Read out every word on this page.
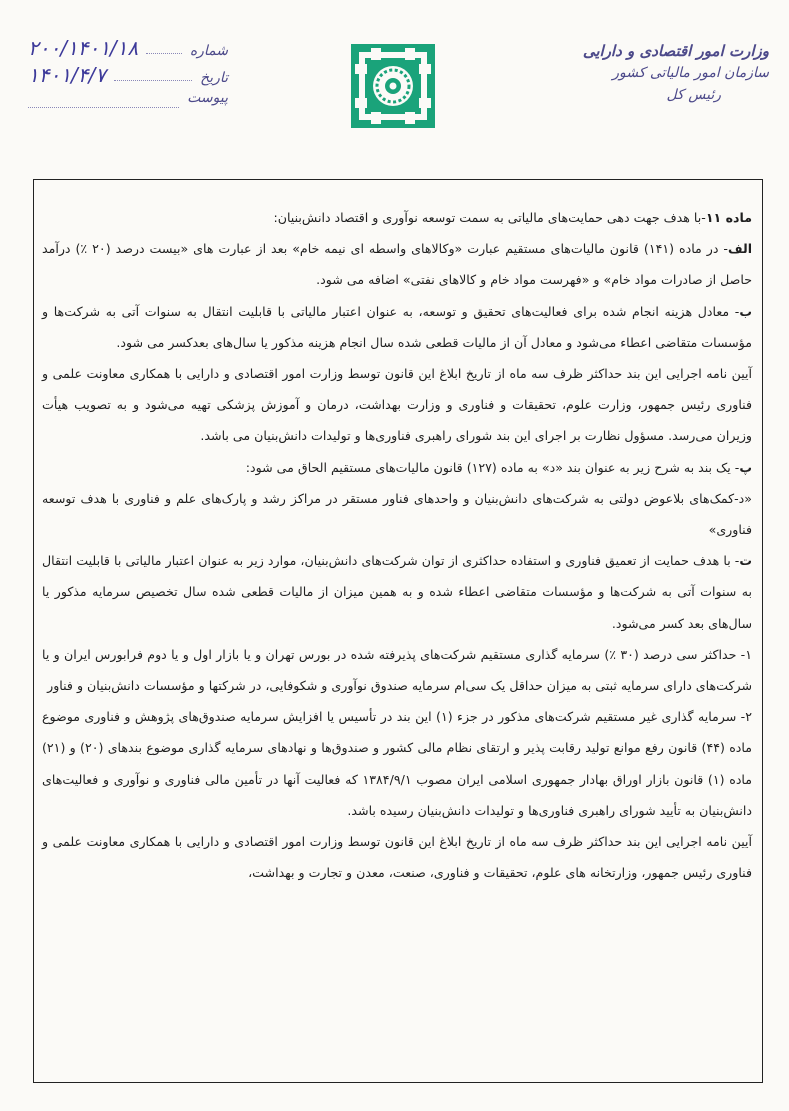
وزارت امور اقتصادی و دارایی
سازمان امور مالیاتی کشور
رئیس کل
۲۰۰/۱۴۰۱/۱۸	شماره
۱۴۰۱/۴/۷	تاریخ
پیوست
​

ماده ۱۱-با هدف جهت دهی حمایت‌های مالیاتی به سمت توسعه نوآوری و اقتصاد دانش‌بنیان:

الف- در ماده (۱۴۱) قانون مالیات‌های مستقیم عبارت «وکالاهای واسطه ای نیمه خام» بعد از عبارت های «بیست درصد (۲۰ ٪) درآمد حاصل از صادرات مواد خام» و «فهرست مواد خام و کالاهای نفتی» اضافه می شود.

ب- معادل هزینه انجام شده برای فعالیت‌های تحقیق و توسعه، به عنوان اعتبار مالیاتی با قابلیت انتقال به سنوات آتی به شرکت‌ها و مؤسسات متقاضی اعطاء می‌شود و معادل آن از مالیات قطعی شده سال انجام هزینه مذکور یا سال‌های بعدکسر می شود.

آیین نامه اجرایی این بند حداکثر ظرف سه ماه از تاریخ ابلاغ این قانون توسط وزارت امور اقتصادی و دارایی با همکاری معاونت علمی و فناوری رئیس جمهور، وزارت علوم، تحقیقات و فناوری و وزارت بهداشت، درمان و آموزش پزشکی تهیه می‌شود و به تصویب هیأت وزیران می‌رسد. مسؤول نظارت بر اجرای این بند شورای راهبری فناوری‌ها و تولیدات دانش‌بنیان می باشد.

پ- یک بند به شرح زیر به عنوان بند «د» به ماده (۱۲۷) قانون مالیات‌های مستقیم الحاق می شود:

«د-کمک‌های بلاعوض دولتی به شرکت‌های دانش‌بنیان و واحدهای فناور مستقر در مراکز رشد و پارک‌های علم و فناوری با هدف توسعه فناوری»

ت- با هدف حمایت از تعمیق فناوری و استفاده حداکثری از توان شرکت‌های دانش‌بنیان، موارد زیر به عنوان اعتبار مالیاتی با قابلیت انتقال به سنوات آتی به شرکت‌ها و مؤسسات متقاضی اعطاء شده و به همین میزان از مالیات قطعی شده سال تخصیص سرمایه مذکور یا سال‌های بعد کسر می‌شود.

۱- حداکثر سی درصد (۳۰ ٪) سرمایه گذاری مستقیم شرکت‌های پذیرفته شده در بورس تهران و یا بازار اول و یا دوم فرابورس ایران و یا شرکت‌های دارای سرمایه ثبتی به میزان حداقل یک سی‌ام سرمایه صندوق نوآوری و شکوفایی، در شرکتها و مؤسسات دانش‌بنیان و فناور

۲- سرمایه گذاری غیر مستقیم شرکت‌های مذکور در جزء (۱) این بند در تأسیس یا افزایش سرمایه صندوق‌های پژوهش و فناوری موضوع ماده (۴۴) قانون رفع موانع تولید رقابت پذیر و ارتقای نظام مالی کشور و صندوق‌ها و نهادهای سرمایه گذاری موضوع بندهای (۲۰) و (۲۱) ماده (۱) قانون بازار اوراق بهادار جمهوری اسلامی ایران مصوب ۱۳۸۴/۹/۱ که فعالیت آنها در تأمین مالی فناوری و نوآوری و فعالیت‌های دانش‌بنیان به تأیید شورای راهبری فناوری‌ها و تولیدات دانش‌بنیان رسیده باشد.

آیین نامه اجرایی این بند حداکثر ظرف سه ماه از تاریخ ابلاغ این قانون توسط وزارت امور اقتصادی و دارایی با همکاری معاونت علمی و فناوری رئیس جمهور، وزارتخانه های علوم، تحقیقات و فناوری، صنعت، معدن و تجارت و بهداشت،
